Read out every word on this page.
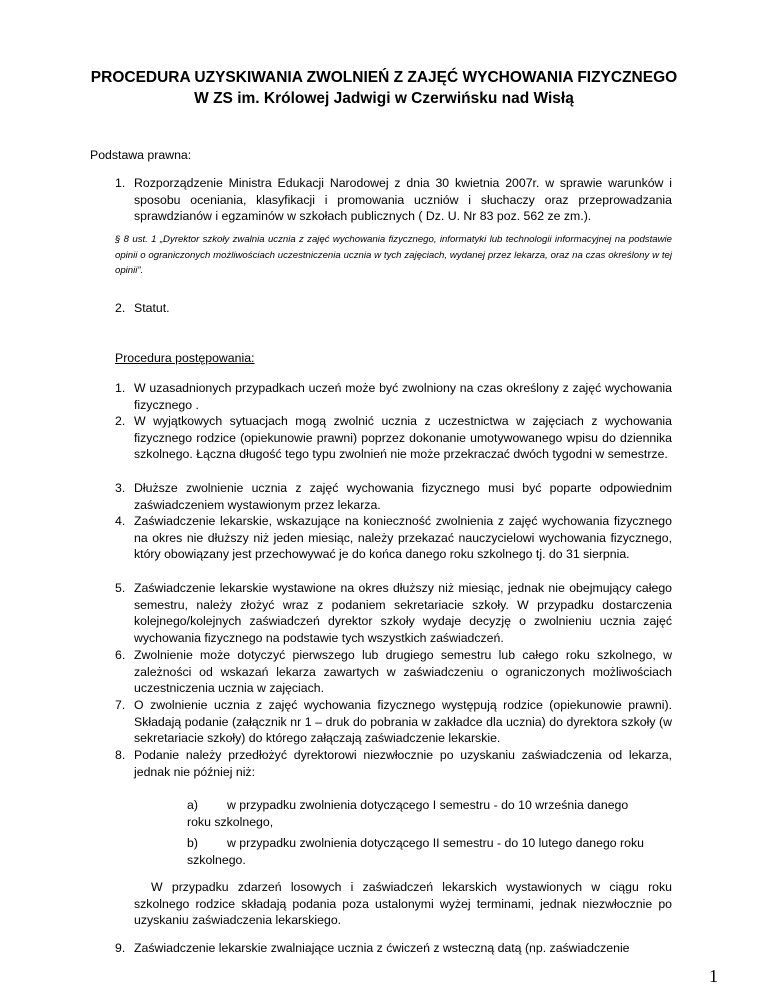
PROCEDURA UZYSKIWANIA ZWOLNIEŃ Z ZAJĘĆ WYCHOWANIA FIZYCZNEGO
W ZS im. Królowej Jadwigi w Czerwińsku nad Wisłą
1
Podstawa prawna:
1. Rozporządzenie Ministra Edukacji Narodowej z dnia 30 kwietnia 2007r. w sprawie warunków i sposobu oceniania, klasyfikacji i promowania uczniów i słuchaczy oraz przeprowadzania sprawdzianów i egzaminów w szkołach publicznych ( Dz. U. Nr 83 poz. 562 ze zm.).
§ 8 ust. 1 „Dyrektor szkoły zwalnia ucznia z zajęć wychowania fizycznego, informatyki lub technologii informacyjnej na podstawie opinii o ograniczonych możliwościach uczestniczenia ucznia w tych zajęciach, wydanej przez lekarza, oraz na czas określony w tej opinii”.
2. Statut.
Procedura postępowania:
1. W uzasadnionych przypadkach uczeń może być zwolniony na czas określony z zajęć wychowania fizycznego .
2. W wyjątkowych sytuacjach mogą zwolnić ucznia z uczestnictwa w zajęciach z wychowania fizycznego rodzice (opiekunowie prawni) poprzez dokonanie umotywowanego wpisu do dziennika szkolnego. Łączna długość tego typu zwolnień nie może przekraczać dwóch tygodni w semestrze.
3. Dłuższe zwolnienie ucznia z zajęć wychowania fizycznego musi być poparte odpowiednim zaświadczeniem wystawionym przez lekarza.
4. Zaświadczenie lekarskie, wskazujące na konieczność zwolnienia z zajęć wychowania fizycznego na okres nie dłuższy niż jeden miesiąc, należy przekazać nauczycielowi wychowania fizycznego, który obowiązany jest przechowywać je do końca danego roku szkolnego tj. do 31 sierpnia.
5. Zaświadczenie lekarskie wystawione na okres dłuższy niż miesiąc, jednak nie obejmujący całego semestru, należy złożyć wraz z podaniem sekretariacie szkoły. W przypadku dostarczenia kolejnego/kolejnych zaświadczeń dyrektor szkoły wydaje decyzję o zwolnieniu ucznia zajęć wychowania fizycznego na podstawie tych wszystkich zaświadczeń.
6. Zwolnienie może dotyczyć pierwszego lub drugiego semestru lub całego roku szkolnego, w zależności od wskazań lekarza zawartych w zaświadczeniu o ograniczonych możliwościach uczestniczenia ucznia w zajęciach.
7. O zwolnienie ucznia z zajęć wychowania fizycznego występują rodzice (opiekunowie prawni). Składają podanie (załącznik nr 1 – druk do pobrania w zakładce dla ucznia) do dyrektora szkoły (w sekretariacie szkoły) do którego załączają zaświadczenie lekarskie.
8. Podanie należy przedłożyć dyrektorowi niezwłocznie po uzyskaniu zaświadczenia od lekarza, jednak nie później niż:
a) w przypadku zwolnienia dotyczącego I semestru - do 10 września danego
roku szkolnego,
b) w przypadku zwolnienia dotyczącego II semestru - do 10 lutego danego roku
szkolnego.
W przypadku zdarzeń losowych i zaświadczeń lekarskich wystawionych w ciągu roku szkolnego rodzice składają podania poza ustalonymi wyżej terminami, jednak niezwłocznie po uzyskaniu zaświadczenia lekarskiego.
9. Zaświadczenie lekarskie zwalniające ucznia z ćwiczeń z wsteczną datą (np. zaświadczenie
